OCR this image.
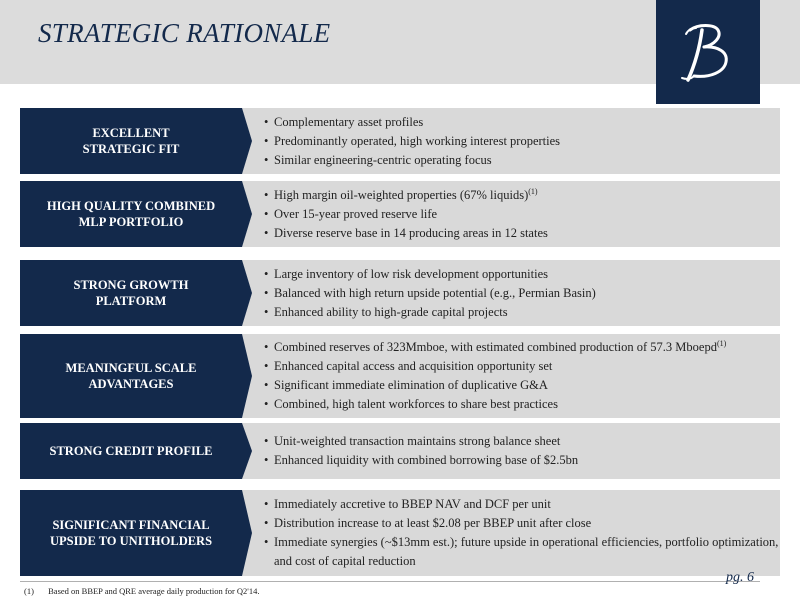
STRATEGIC RATIONALE
• Complementary asset profiles
• Predominantly operated, high working interest properties
• Similar engineering-centric operating focus
EXCELLENT
STRATEGIC FIT
• High margin oil-weighted properties (67% liquids)$^{(1)}$
• Over 15-year proved reserve life
• Diverse reserve base in 14 producing areas in 12 states
HIGH QUALITY COMBINED
MLP PORTFOLIO
• Large inventory of low risk development opportunities
• Balanced with high return upside potential (e.g., Permian Basin)
• Enhanced ability to high-grade capital projects
STRONG GROWTH
PLATFORM
• Combined reserves of 323Mmboe, with estimated combined production of 57.3 Mboepd$^{(1)}$
• Enhanced capital access and acquisition opportunity set
• Significant immediate elimination of duplicative G&A
• Combined, high talent workforces to share best practices
MEANINGFUL SCALE
ADVANTAGES
• Unit-weighted transaction maintains strong balance sheet
• Enhanced liquidity with combined borrowing base of $2.5bn
STRONG CREDIT PROFILE
• Immediately accretive to BBEP NAV and DCF per unit
• Distribution increase to at least $2.08 per BBEP unit after close
• Immediate synergies (~$13mm est.); future upside in operational efficiencies, portfolio optimization, and cost of capital reduction
SIGNIFICANT FINANCIAL
UPSIDE TO UNITHOLDERS
(1) Based on BBEP and QRE average daily production for Q2'14.
pg. 6
